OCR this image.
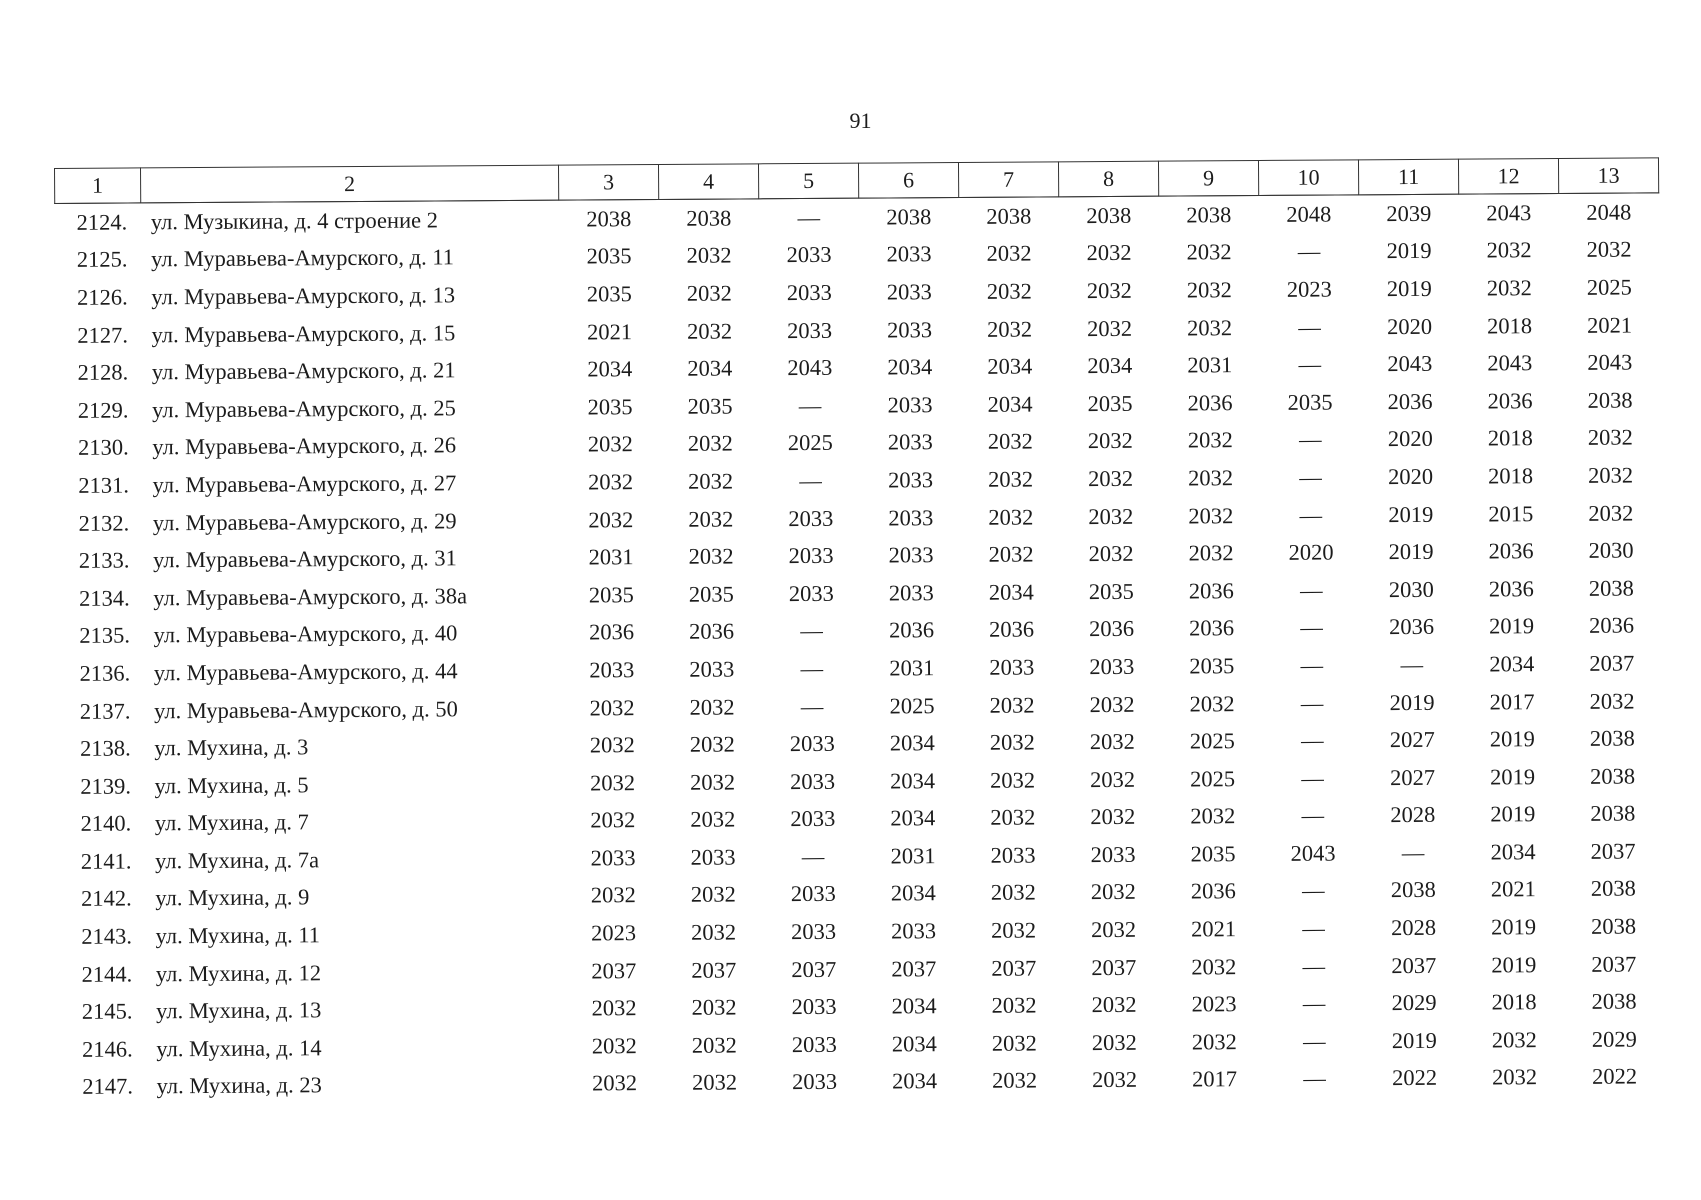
91
1	2	3	4	5	6	7	8	9	10	11	12	13
2124.	ул. Музыкина, д. 4 строение 2	2038	2038	—	2038	2038	2038	2038	2048	2039	2043	2048
2125.	ул. Муравьева-Амурского, д. 11	2035	2032	2033	2033	2032	2032	2032	—	2019	2032	2032
2126.	ул. Муравьева-Амурского, д. 13	2035	2032	2033	2033	2032	2032	2032	2023	2019	2032	2025
2127.	ул. Муравьева-Амурского, д. 15	2021	2032	2033	2033	2032	2032	2032	—	2020	2018	2021
2128.	ул. Муравьева-Амурского, д. 21	2034	2034	2043	2034	2034	2034	2031	—	2043	2043	2043
2129.	ул. Муравьева-Амурского, д. 25	2035	2035	—	2033	2034	2035	2036	2035	2036	2036	2038
2130.	ул. Муравьева-Амурского, д. 26	2032	2032	2025	2033	2032	2032	2032	—	2020	2018	2032
2131.	ул. Муравьева-Амурского, д. 27	2032	2032	—	2033	2032	2032	2032	—	2020	2018	2032
2132.	ул. Муравьева-Амурского, д. 29	2032	2032	2033	2033	2032	2032	2032	—	2019	2015	2032
2133.	ул. Муравьева-Амурского, д. 31	2031	2032	2033	2033	2032	2032	2032	2020	2019	2036	2030
2134.	ул. Муравьева-Амурского, д. 38а	2035	2035	2033	2033	2034	2035	2036	—	2030	2036	2038
2135.	ул. Муравьева-Амурского, д. 40	2036	2036	—	2036	2036	2036	2036	—	2036	2019	2036
2136.	ул. Муравьева-Амурского, д. 44	2033	2033	—	2031	2033	2033	2035	—	—	2034	2037
2137.	ул. Муравьева-Амурского, д. 50	2032	2032	—	2025	2032	2032	2032	—	2019	2017	2032
2138.	ул. Мухина, д. 3	2032	2032	2033	2034	2032	2032	2025	—	2027	2019	2038
2139.	ул. Мухина, д. 5	2032	2032	2033	2034	2032	2032	2025	—	2027	2019	2038
2140.	ул. Мухина, д. 7	2032	2032	2033	2034	2032	2032	2032	—	2028	2019	2038
2141.	ул. Мухина, д. 7а	2033	2033	—	2031	2033	2033	2035	2043	—	2034	2037
2142.	ул. Мухина, д. 9	2032	2032	2033	2034	2032	2032	2036	—	2038	2021	2038
2143.	ул. Мухина, д. 11	2023	2032	2033	2033	2032	2032	2021	—	2028	2019	2038
2144.	ул. Мухина, д. 12	2037	2037	2037	2037	2037	2037	2032	—	2037	2019	2037
2145.	ул. Мухина, д. 13	2032	2032	2033	2034	2032	2032	2023	—	2029	2018	2038
2146.	ул. Мухина, д. 14	2032	2032	2033	2034	2032	2032	2032	—	2019	2032	2029
2147.	ул. Мухина, д. 23	2032	2032	2033	2034	2032	2032	2017	—	2022	2032	2022
